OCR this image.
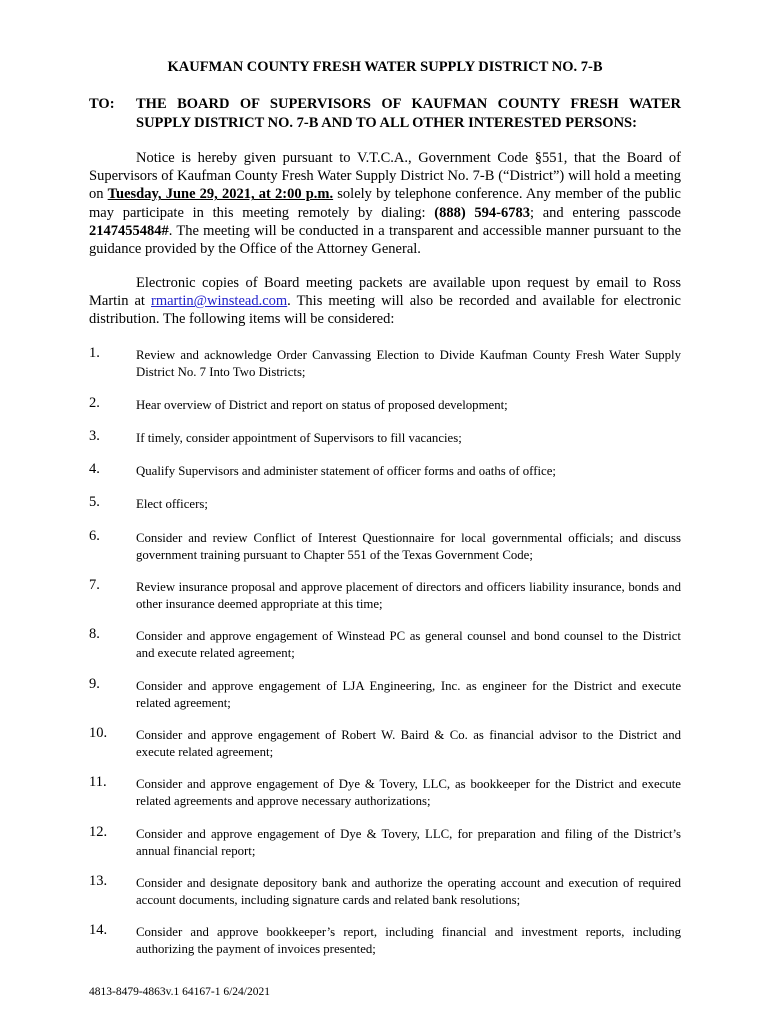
KAUFMAN COUNTY FRESH WATER SUPPLY DISTRICT NO. 7-B
TO: THE BOARD OF SUPERVISORS OF KAUFMAN COUNTY FRESH WATER SUPPLY DISTRICT NO. 7-B AND TO ALL OTHER INTERESTED PERSONS:

Notice is hereby given pursuant to V.T.C.A., Government Code §551, that the Board of Supervisors of Kaufman County Fresh Water Supply District No. 7-B (“District”) will hold a meeting on Tuesday, June 29, 2021, at 2:00 p.m. solely by telephone conference. Any member of the public may participate in this meeting remotely by dialing: (888) 594-6783; and entering passcode 2147455484#. The meeting will be conducted in a transparent and accessible manner pursuant to the guidance provided by the Office of the Attorney General.

Electronic copies of Board meeting packets are available upon request by email to Ross Martin at rmartin@winstead.com. This meeting will also be recorded and available for electronic distribution. The following items will be considered:

1.	Review and acknowledge Order Canvassing Election to Divide Kaufman County Fresh Water Supply District No. 7 Into Two Districts;
2.	Hear overview of District and report on status of proposed development;
3.	If timely, consider appointment of Supervisors to fill vacancies;
4.	Qualify Supervisors and administer statement of officer forms and oaths of office;
5.	Elect officers;
6.	Consider and review Conflict of Interest Questionnaire for local governmental officials; and discuss government training pursuant to Chapter 551 of the Texas Government Code;
7.	Review insurance proposal and approve placement of directors and officers liability insurance, bonds and other insurance deemed appropriate at this time;
8.	Consider and approve engagement of Winstead PC as general counsel and bond counsel to the District and execute related agreement;
9.	Consider and approve engagement of LJA Engineering, Inc. as engineer for the District and execute related agreement;
10. Consider and approve engagement of Robert W. Baird & Co. as financial advisor to the District and execute related agreement;
11. Consider and approve engagement of Dye & Tovery, LLC, as bookkeeper for the District and execute related agreements and approve necessary authorizations;
12. Consider and approve engagement of Dye & Tovery, LLC, for preparation and filing of the District’s annual financial report;
13. Consider and designate depository bank and authorize the operating account and execution of required account documents, including signature cards and related bank resolutions;
14. Consider and approve bookkeeper’s report, including financial and investment reports, including authorizing the payment of invoices presented;
4813-8479-4863v.1 64167-1 6/24/2021
